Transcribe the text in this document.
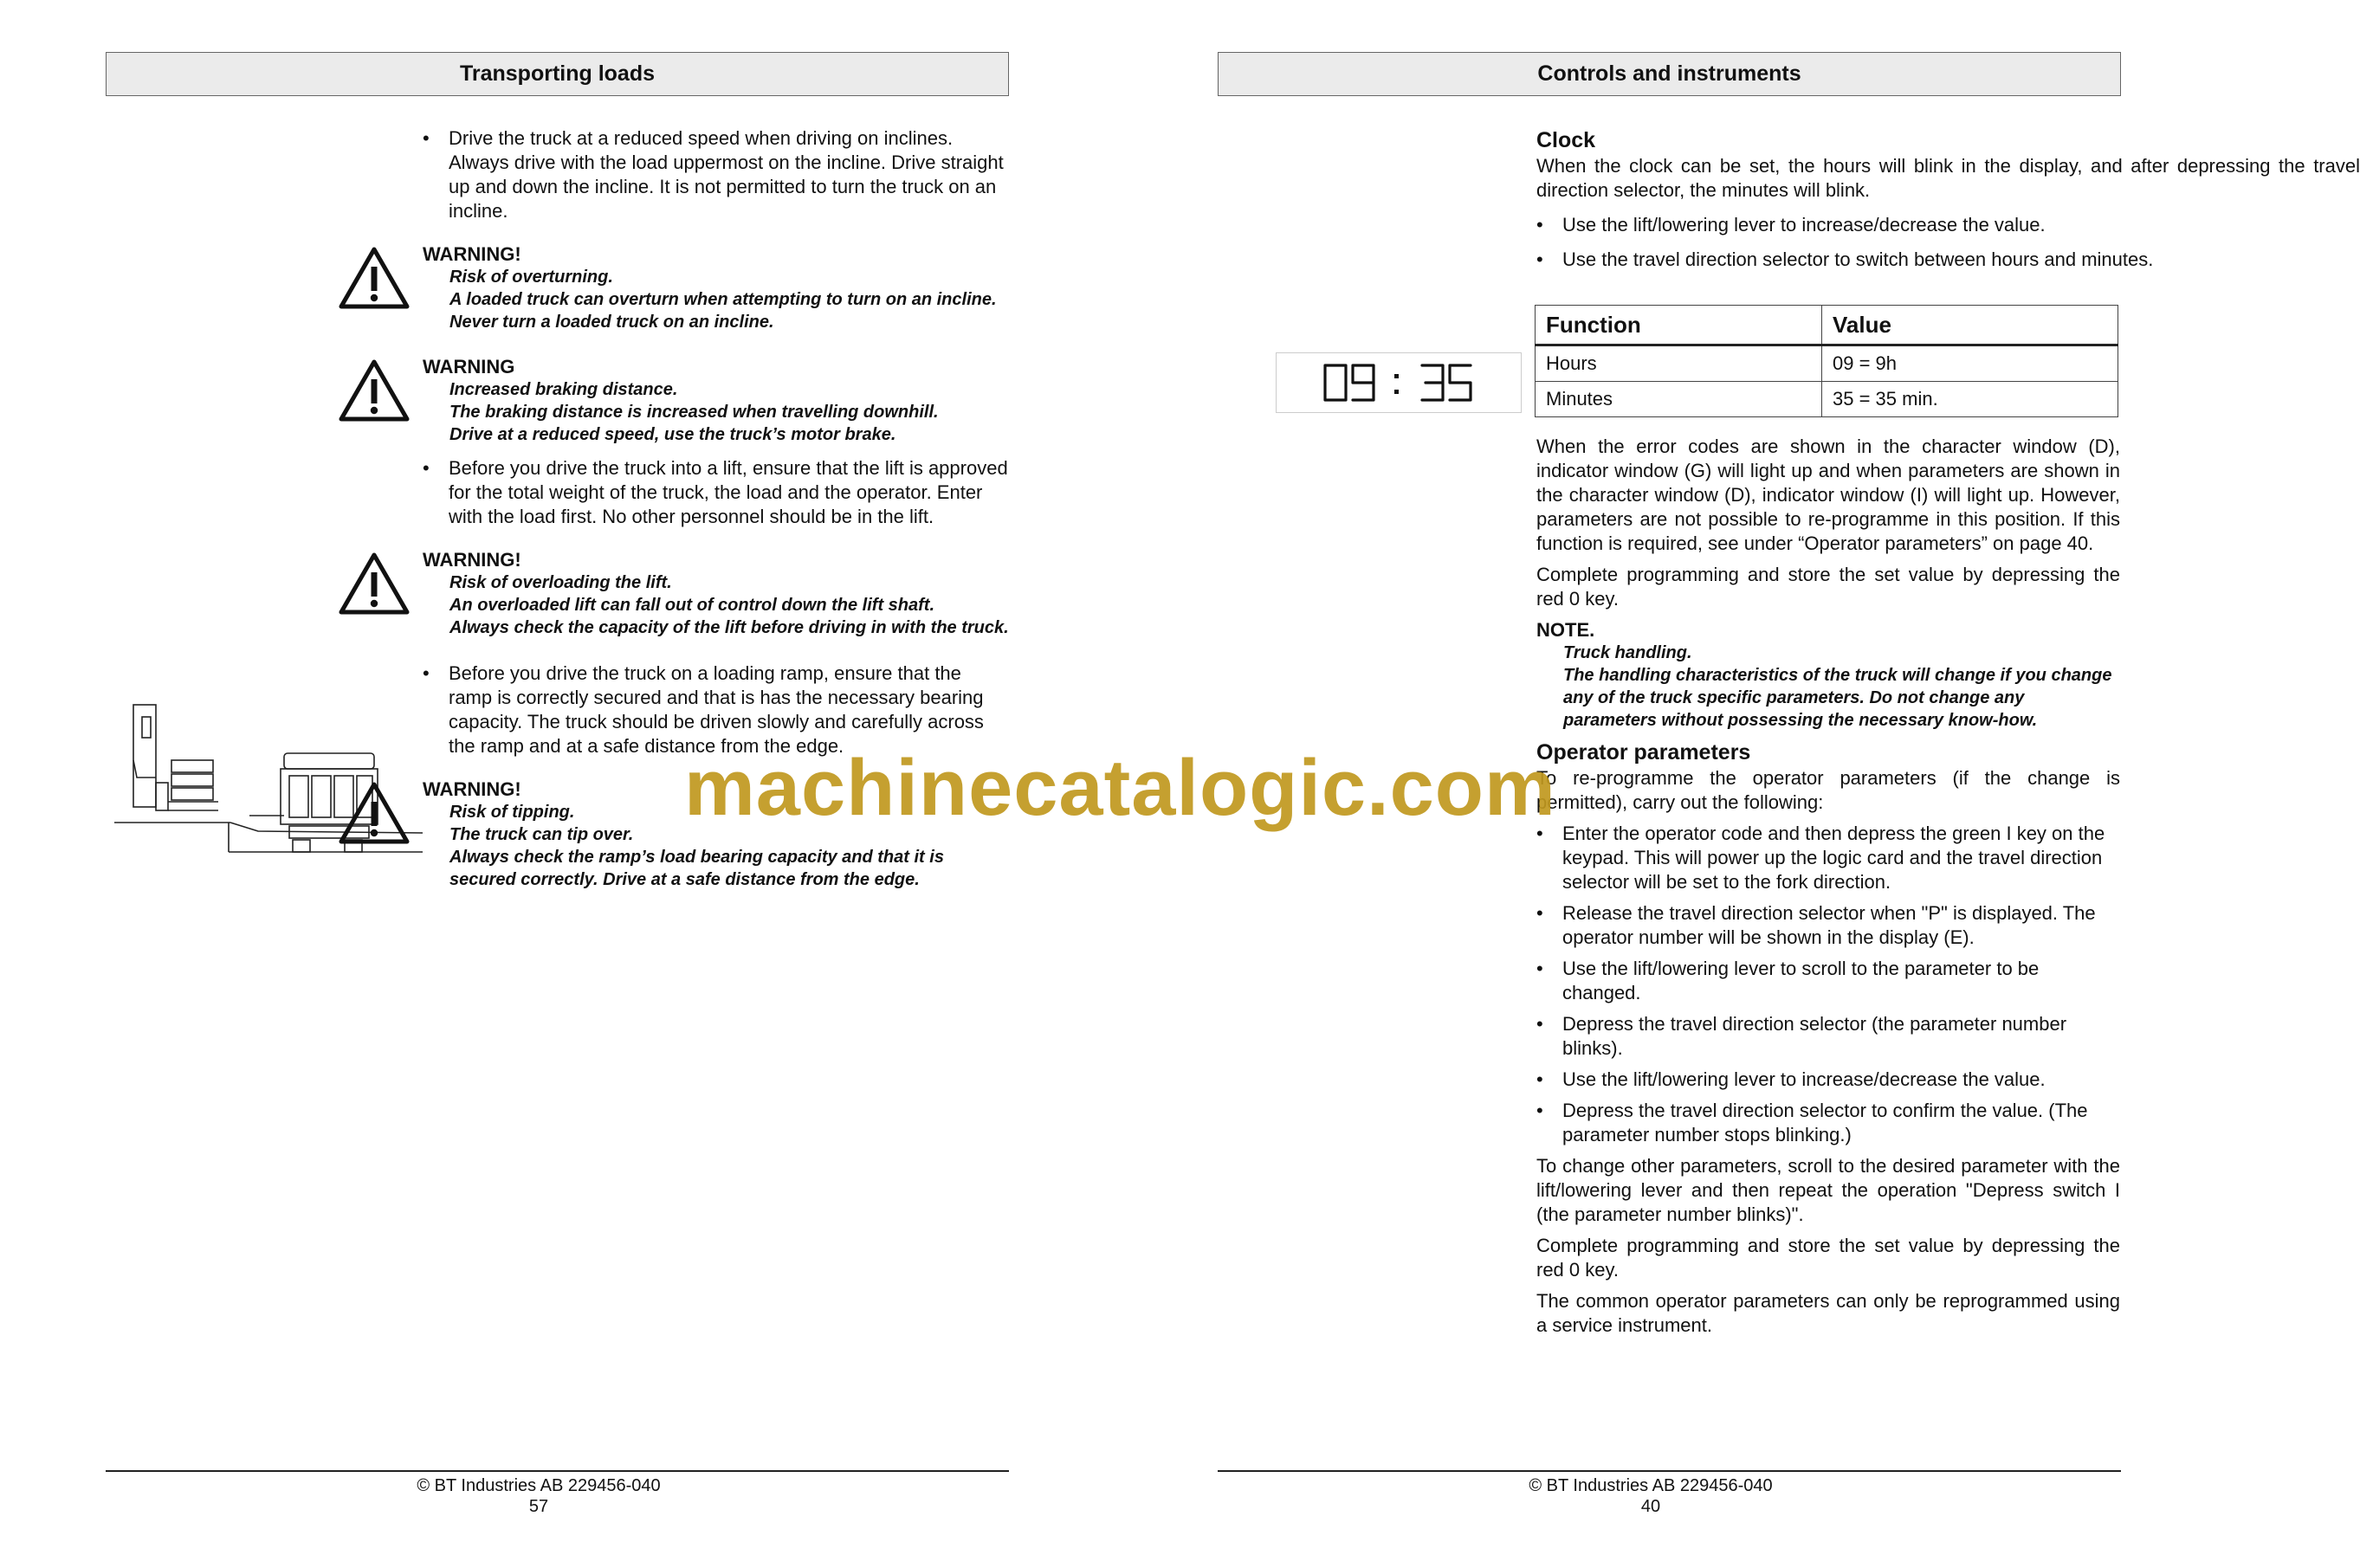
Transporting loads

• Drive the truck at a reduced speed when driving on inclines. Always drive with the load uppermost on the incline. Drive straight up and down the incline. It is not permitted to turn the truck on an incline.

WARNING!

Risk of overturning.

A loaded truck can overturn when attempting to turn on an incline.

Never turn a loaded truck on an incline.

WARNING

Increased braking distance.

The braking distance is increased when travelling downhill.

Drive at a reduced speed, use the truck’s motor brake.

• Before you drive the truck into a lift, ensure that the lift is approved for the total weight of the truck, the load and the operator. Enter with the load first. No other personnel should be in the lift.

WARNING!

Risk of overloading the lift.

An overloaded lift can fall out of control down the lift shaft.

Always check the capacity of the lift before driving in with the truck.

• Before you drive the truck on a loading ramp, ensure that the ramp is correctly secured and that is has the necessary bearing capacity. The truck should be driven slowly and carefully across the ramp and at a safe distance from the edge.

WARNING!

Risk of tipping.

The truck can tip over.

Always check the ramp’s load bearing capacity and that it is secured correctly. Drive at a safe distance from the edge.

© BT Industries AB 229456-040
57
Controls and instruments

Clock

When the clock can be set, the hours will blink in the display, and after depressing the travel direction selector, the minutes will blink.

• Use the lift/lowering lever to increase/decrease the value.

• Use the travel direction selector to switch between hours and minutes.

Function	Value
Hours	09 = 9h
Minutes	35 = 35 min.

When the error codes are shown in the character window (D), indicator window (G) will light up and when parameters are shown in the character window (D), indicator window (I) will light up. However, parameters are not possible to re-programme in this position. If this function is required, see under “Operator parameters” on page 40.

Complete programming and store the set value by depressing the red 0 key.

NOTE.

Truck handling.

The handling characteristics of the truck will change if you change any of the truck specific parameters. Do not change any parameters without possessing the necessary know-how.

Operator parameters

To re-programme the operator parameters (if the change is permitted), carry out the following:

• Enter the operator code and then depress the green I key on the keypad. This will power up the logic card and the travel direction selector will be set to the fork direction.

• Release the travel direction selector when "P" is displayed. The operator number will be shown in the display (E).

• Use the lift/lowering lever to scroll to the parameter to be changed.

• Depress the travel direction selector (the parameter number blinks).

• Use the lift/lowering lever to increase/decrease the value.

• Depress the travel direction selector to confirm the value. (The parameter number stops blinking.)

To change other parameters, scroll to the desired parameter with the lift/lowering lever and then repeat the operation "Depress switch I (the parameter number blinks)".

Complete programming and store the set value by depressing the red 0 key.

The common operator parameters can only be reprogrammed using a service instrument.

© BT Industries AB 229456-040
40
machinecatalogic.com
